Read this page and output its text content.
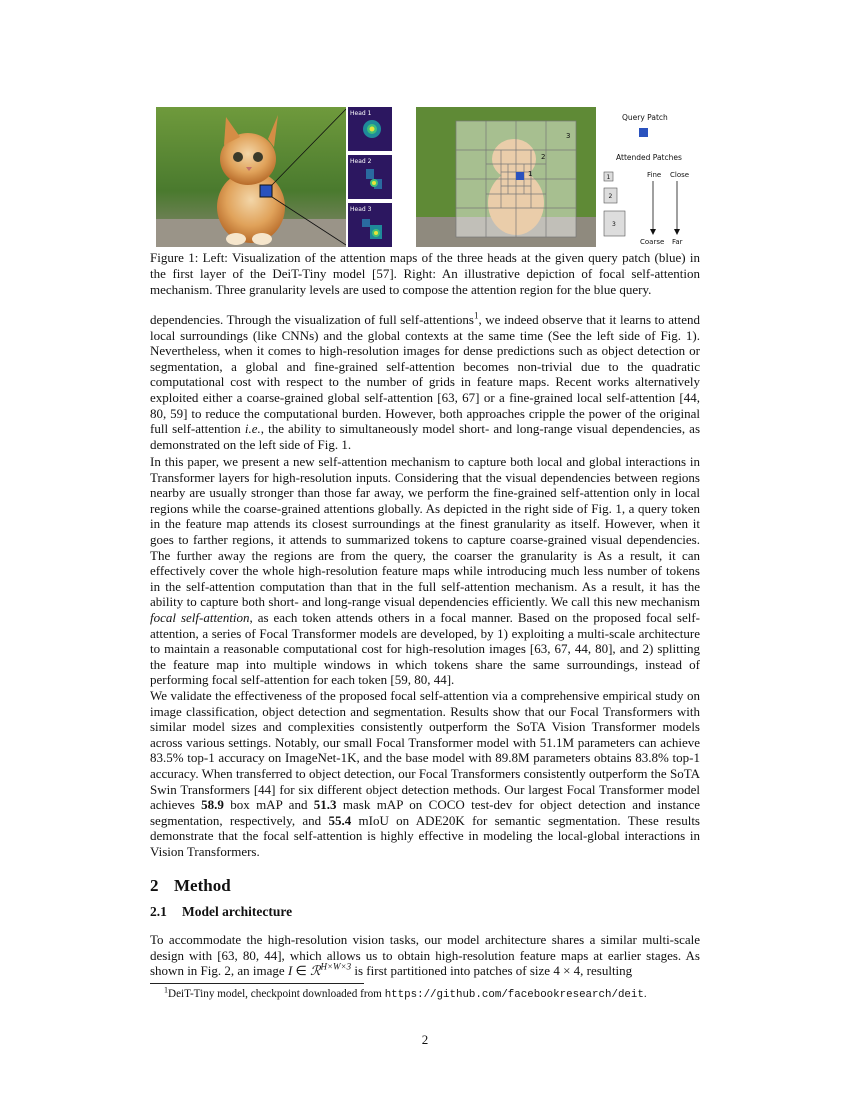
Head 1
Head 2
Head 3
1
2
3
Query Patch
Attended Patches
Fine Close
1
2
3
Coarse Far
Figure 1: Left: Visualization of the attention maps of the three heads at the given query patch (blue) in the first layer of the DeiT-Tiny model [57]. Right: An illustrative depiction of focal self-attention mechanism. Three granularity levels are used to compose the attention region for the blue query.

dependencies. Through the visualization of full self-attentions$^1$, we indeed observe that it learns to attend local surroundings (like CNNs) and the global contexts at the same time (See the left side of Fig. 1). Nevertheless, when it comes to high-resolution images for dense predictions such as object detection or segmentation, a global and fine-grained self-attention becomes non-trivial due to the quadratic computational cost with respect to the number of grids in feature maps. Recent works alternatively exploited either a coarse-grained global self-attention [63, 67] or a fine-grained local self-attention [44, 80, 59] to reduce the computational burden. However, both approaches cripple the power of the original full self-attention i.e., the ability to simultaneously model short- and long-range visual dependencies, as demonstrated on the left side of Fig. 1.

In this paper, we present a new self-attention mechanism to capture both local and global interactions in Transformer layers for high-resolution inputs. Considering that the visual dependencies between regions nearby are usually stronger than those far away, we perform the fine-grained self-attention only in local regions while the coarse-grained attentions globally. As depicted in the right side of Fig. 1, a query token in the feature map attends its closest surroundings at the finest granularity as itself. However, when it goes to farther regions, it attends to summarized tokens to capture coarse-grained visual dependencies. The further away the regions are from the query, the coarser the granularity is As a result, it can effectively cover the whole high-resolution feature maps while introducing much less number of tokens in the self-attention computation than that in the full self-attention mechanism. As a result, it has the ability to capture both short- and long-range visual dependencies efficiently. We call this new mechanism focal self-attention, as each token attends others in a focal manner. Based on the proposed focal self-attention, a series of Focal Transformer models are developed, by 1) exploiting a multi-scale architecture to maintain a reasonable computational cost for high-resolution images [63, 67, 44, 80], and 2) splitting the feature map into multiple windows in which tokens share the same surroundings, instead of performing focal self-attention for each token [59, 80, 44].

We validate the effectiveness of the proposed focal self-attention via a comprehensive empirical study on image classification, object detection and segmentation. Results show that our Focal Transformers with similar model sizes and complexities consistently outperform the SoTA Vision Transformer models across various settings. Notably, our small Focal Transformer model with 51.1M parameters can achieve 83.5% top-1 accuracy on ImageNet-1K, and the base model with 89.8M parameters obtains 83.8% top-1 accuracy. When transferred to object detection, our Focal Transformers consistently outperform the SoTA Swin Transformers [44] for six different object detection methods. Our largest Focal Transformer model achieves 58.9 box mAP and 51.3 mask mAP on COCO test-dev for object detection and instance segmentation, respectively, and 55.4 mIoU on ADE20K for semantic segmentation. These results demonstrate that the focal self-attention is highly effective in modeling the local-global interactions in Vision Transformers.

2 Method
2.1 Model architecture

To accommodate the high-resolution vision tasks, our model architecture shares a similar multi-scale design with [63, 80, 44], which allows us to obtain high-resolution feature maps at earlier stages. As shown in Fig. 2, an image I ∈ ℛ$^{H\times W\times 3}$ is first partitioned into patches of size 4 × 4, resulting

$^1$DeiT-Tiny model, checkpoint downloaded from https://github.com/facebookresearch/deit.
2
